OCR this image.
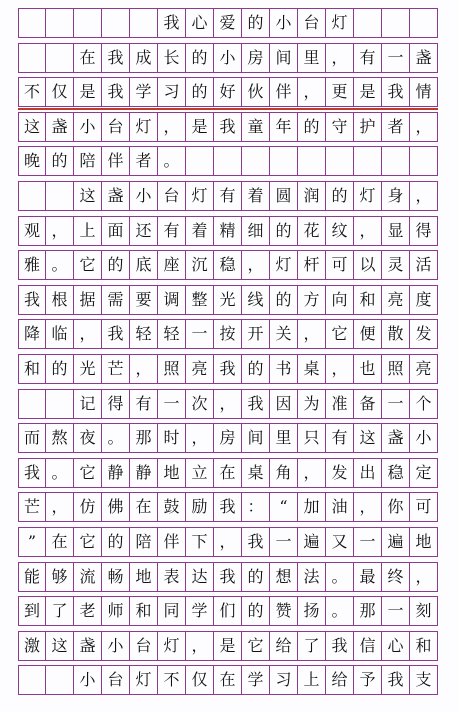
我 心 爱 的 小 台 灯
在 我 成 长 的 小 房 间 里 ， 有 一 盏
不 仅 是 我 学 习 的 好 伙 伴 ， 更 是 我 情
这 盏 小 台 灯 ， 是 我 童 年 的 守 护 者 ，
晚 的 陪 伴 者 。
这 盏 小 台 灯 有 着 圆 润 的 灯 身 ，
观 ， 上 面 还 有 着 精 细 的 花 纹 ， 显 得
雅 。 它 的 底 座 沉 稳 ， 灯 杆 可 以 灵 活
我 根 据 需 要 调 整 光 线 的 方 向 和 亮 度
降 临 ， 我 轻 轻 一 按 开 关 ， 它 便 散 发
和 的 光 芒 ， 照 亮 我 的 书 桌 ， 也 照 亮
记 得 有 一 次 ， 我 因 为 准 备 一 个
而 熬 夜 。 那 时 ， 房 间 里 只 有 这 盏 小
我 。 它 静 静 地 立 在 桌 角 ， 发 出 稳 定
芒 ， 仿 佛 在 鼓 励 我 ： “ 加 油 ， 你 可
” 在 它 的 陪 伴 下 ， 我 一 遍 又 一 遍 地
能 够 流 畅 地 表 达 我 的 想 法 。 最 终 ，
到 了 老 师 和 同 学 们 的 赞 扬 。 那 一 刻
激 这 盏 小 台 灯 ， 是 它 给 了 我 信 心 和
小 台 灯 不 仅 在 学 习 上 给 予 我 支
